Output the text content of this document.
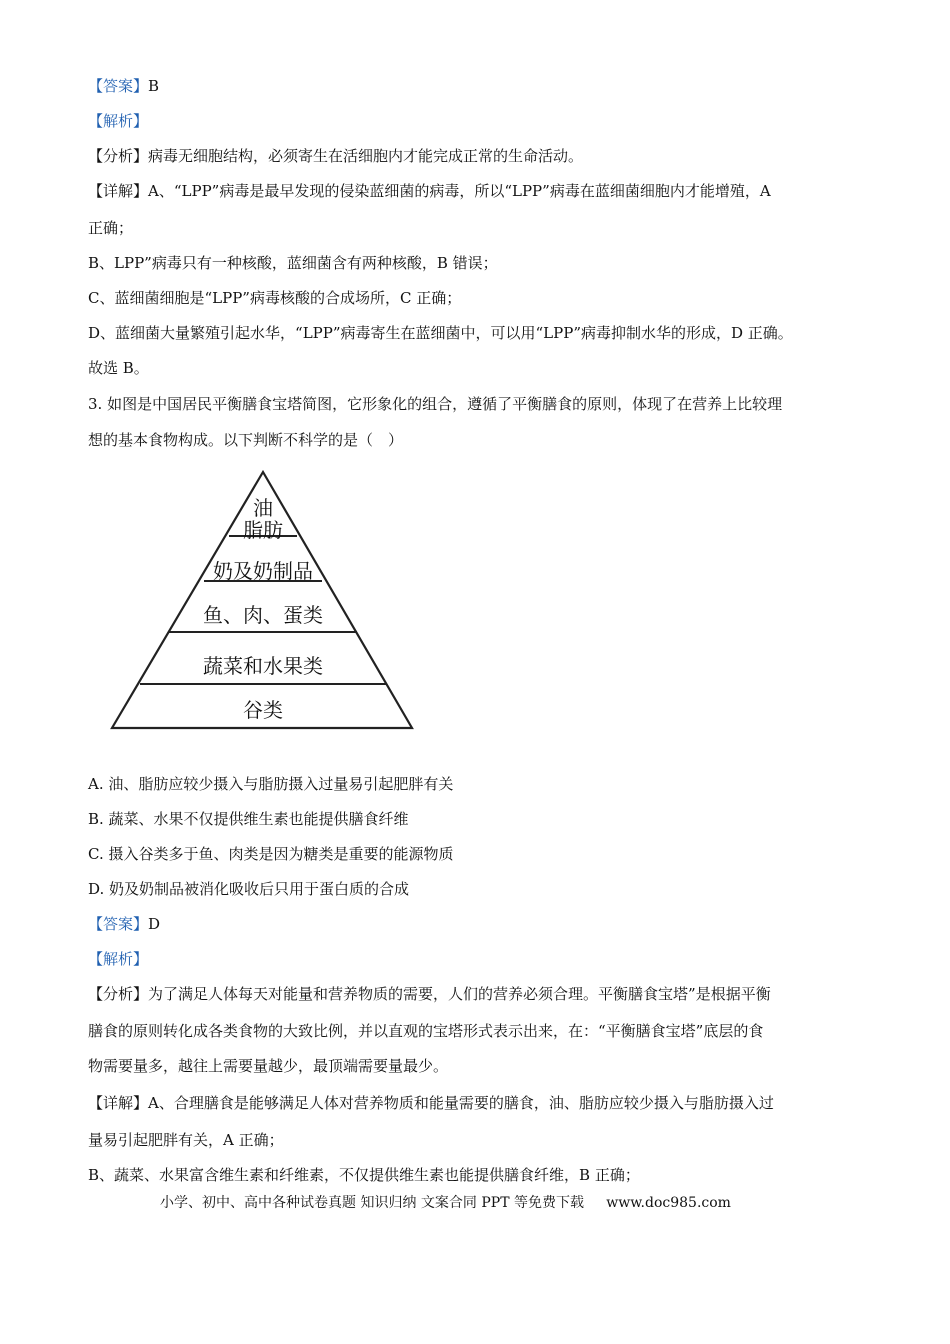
【答案】B
【解析】
【分析】病毒无细胞结构，必须寄生在活细胞内才能完成正常的生命活动。
【详解】A、“LPP”病毒是最早发现的侵染蓝细菌的病毒，所以“LPP”病毒在蓝细菌细胞内才能增殖，A
正确；
B、LPP”病毒只有一种核酸，蓝细菌含有两种核酸，B 错误；
C、蓝细菌细胞是“LPP”病毒核酸的合成场所，C 正确；
D、蓝细菌大量繁殖引起水华，“LPP”病毒寄生在蓝细菌中，可以用“LPP”病毒抑制水华的形成，D 正确。
故选 B。
3. 如图是中国居民平衡膳食宝塔简图，它形象化的组合，遵循了平衡膳食的原则，体现了在营养上比较理
想的基本食物构成。以下判断不科学的是（　）
油
脂肪
奶及奶制品
鱼、肉、蛋类
蔬菜和水果类
谷类
A. 油、脂肪应较少摄入与脂肪摄入过量易引起肥胖有关
B. 蔬菜、水果不仅提供维生素也能提供膳食纤维
C. 摄入谷类多于鱼、肉类是因为糖类是重要的能源物质
D. 奶及奶制品被消化吸收后只用于蛋白质的合成
【答案】D
【解析】
【分析】为了满足人体每天对能量和营养物质的需要，人们的营养必须合理。平衡膳食宝塔”是根据平衡
膳食的原则转化成各类食物的大致比例，并以直观的宝塔形式表示出来，在：“平衡膳食宝塔”底层的食
物需要量多，越往上需要量越少，最顶端需要量最少。
【详解】A、合理膳食是能够满足人体对营养物质和能量需要的膳食，油、脂肪应较少摄入与脂肪摄入过
量易引起肥胖有关，A 正确；
B、蔬菜、水果富含维生素和纤维素，不仅提供维生素也能提供膳食纤维，B 正确；
小学、初中、高中各种试卷真题 知识归纳 文案合同 PPT 等免费下载 www.doc985.com
